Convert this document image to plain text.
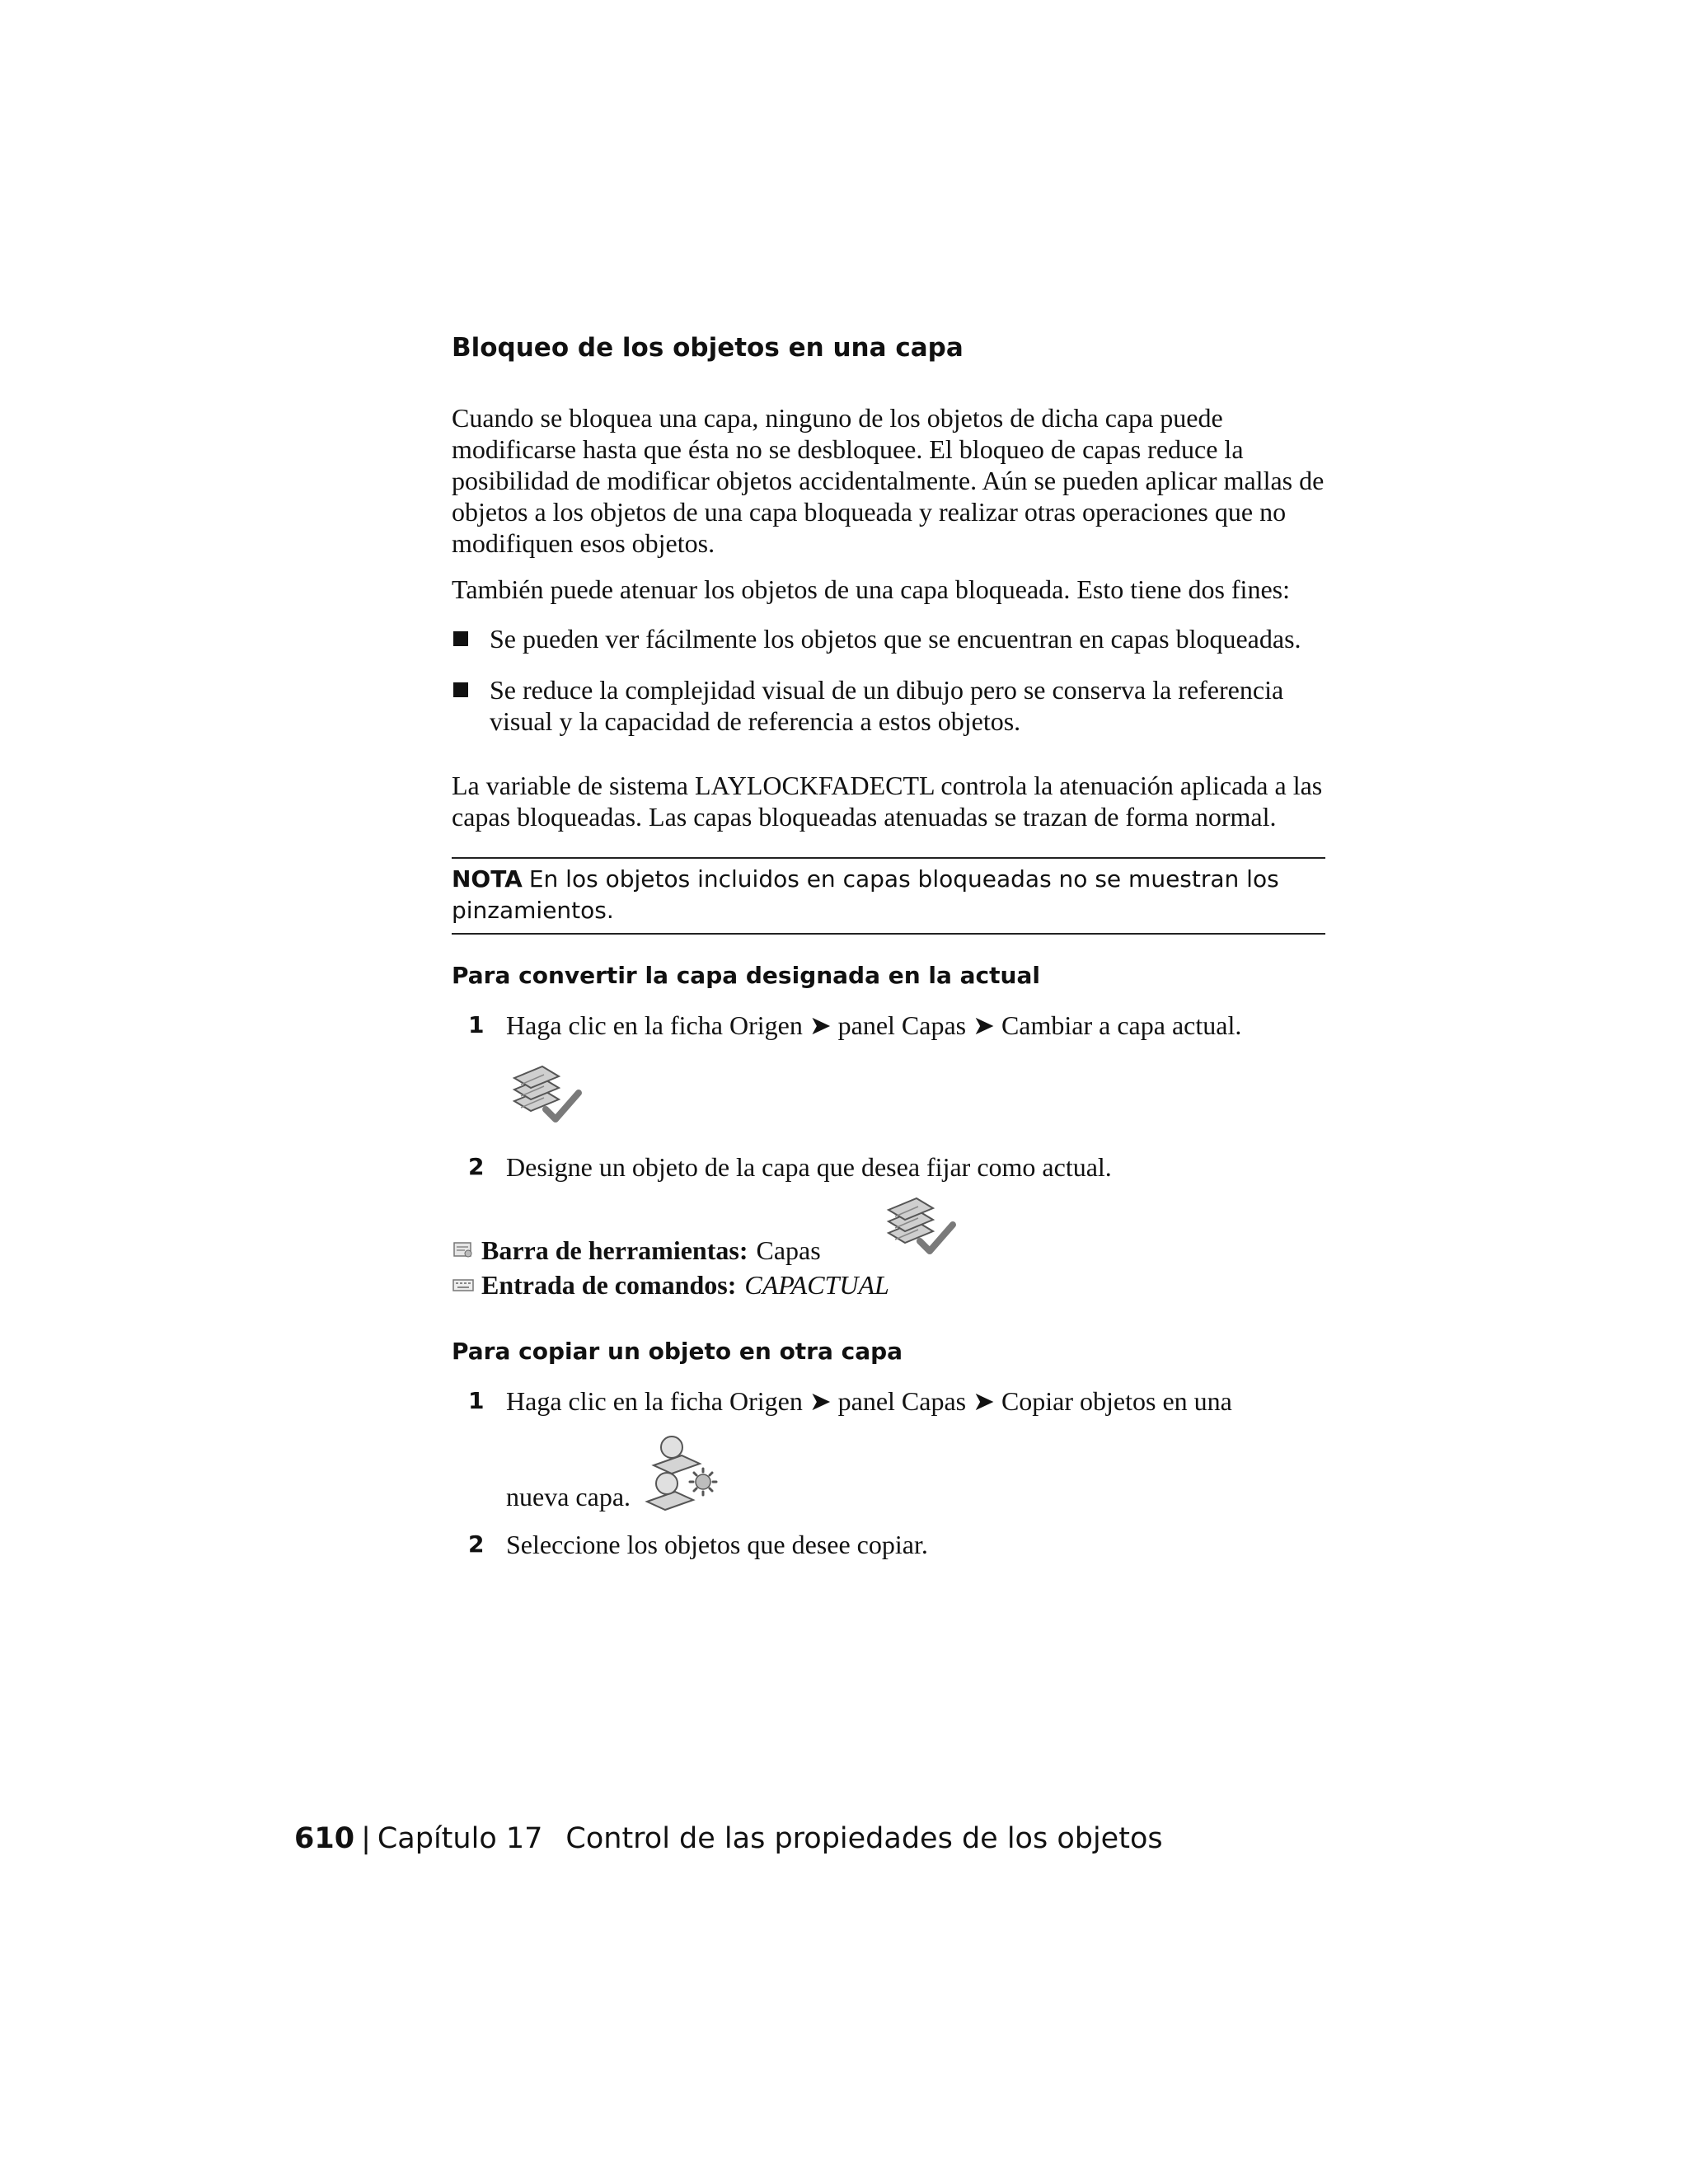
Bloqueo de los objetos en una capa

Cuando se bloquea una capa, ninguno de los objetos de dicha capa puede modificarse hasta que ésta no se desbloquee. El bloqueo de capas reduce la posibilidad de modificar objetos accidentalmente. Aún se pueden aplicar mallas de objetos a los objetos de una capa bloqueada y realizar otras operaciones que no modifiquen esos objetos.

También puede atenuar los objetos de una capa bloqueada. Esto tiene dos fines:

Se pueden ver fácilmente los objetos que se encuentran en capas bloqueadas.
Se reduce la complejidad visual de un dibujo pero se conserva la referencia visual y la capacidad de referencia a estos objetos.

La variable de sistema LAYLOCKFADECTL controla la atenuación aplicada a las capas bloqueadas. Las capas bloqueadas atenuadas se trazan de forma normal.

NOTA En los objetos incluidos en capas bloqueadas no se muestran los pinzamientos.
Para convertir la capa designada en la actual
1 Haga clic en la ficha Origen ➤ panel Capas ➤ Cambiar a capa actual.
2 Designe un objeto de la capa que desea fijar como actual.
Barra de herramientas: Capas
Entrada de comandos: CAPACTUAL
Para copiar un objeto en otra capa
1 Haga clic en la ficha Origen ➤ panel Capas ➤ Copiar objetos en una
nueva capa.
2 Seleccione los objetos que desee copiar.
610 | Capítulo 17 Control de las propiedades de los objetos
